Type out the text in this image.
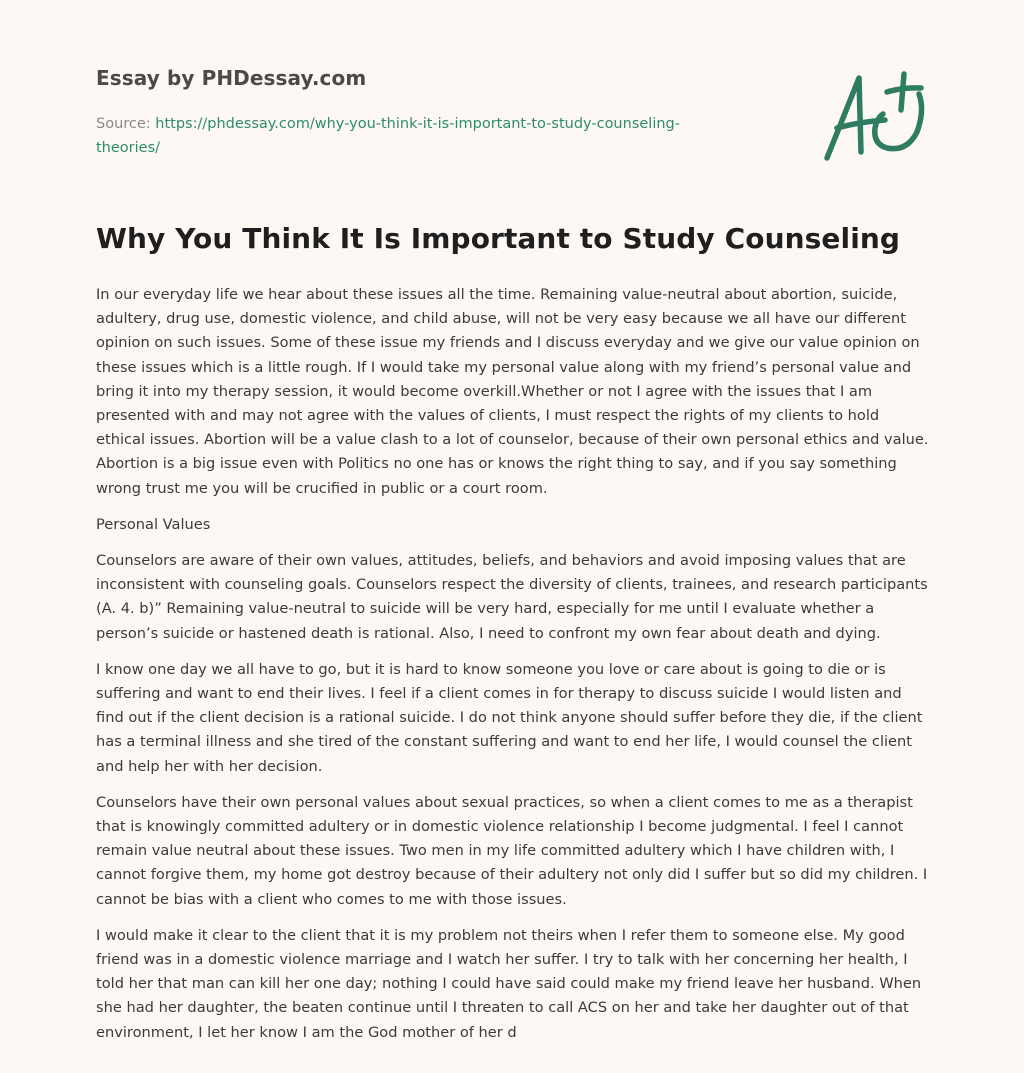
Essay by PHDessay.com
Source: https://phdessay.com/why-you-think-it-is-important-to-study-counseling-theories/
Why You Think It Is Important to Study Counseling

In our everyday life we hear about these issues all the time. Remaining value-neutral about abortion, suicide, adultery, drug use, domestic violence, and child abuse, will not be very easy because we all have our different opinion on such issues. Some of these issue my friends and I discuss everyday and we give our value opinion on these issues which is a little rough. If I would take my personal value along with my friend’s personal value and bring it into my therapy session, it would become overkill.Whether or not I agree with the issues that I am presented with and may not agree with the values of clients, I must respect the rights of my clients to hold ethical issues. Abortion will be a value clash to a lot of counselor, because of their own personal ethics and value. Abortion is a big issue even with Politics no one has or knows the right thing to say, and if you say something wrong trust me you will be crucified in public or a court room.

Personal Values

Counselors are aware of their own values, attitudes, beliefs, and behaviors and avoid imposing values that are inconsistent with counseling goals. Counselors respect the diversity of clients, trainees, and research participants (A. 4. b)” Remaining value-neutral to suicide will be very hard, especially for me until I evaluate whether a person’s suicide or hastened death is rational. Also, I need to confront my own fear about death and dying.

I know one day we all have to go, but it is hard to know someone you love or care about is going to die or is suffering and want to end their lives. I feel if a client comes in for therapy to discuss suicide I would listen and find out if the client decision is a rational suicide. I do not think anyone should suffer before they die, if the client has a terminal illness and she tired of the constant suffering and want to end her life, I would counsel the client and help her with her decision.

Counselors have their own personal values about sexual practices, so when a client comes to me as a therapist that is knowingly committed adultery or in domestic violence relationship I become judgmental. I feel I cannot remain value neutral about these issues. Two men in my life committed adultery which I have children with, I cannot forgive them, my home got destroy because of their adultery not only did I suffer but so did my children. I cannot be bias with a client who comes to me with those issues.

I would make it clear to the client that it is my problem not theirs when I refer them to someone else. My good friend was in a domestic violence marriage and I watch her suffer. I try to talk with her concerning her health, I told her that man can kill her one day; nothing I could have said could make my friend leave her husband. When she had her daughter, the beaten continue until I threaten to call ACS on her and take her daughter out of that environment, I let her know I am the God mother of her d
